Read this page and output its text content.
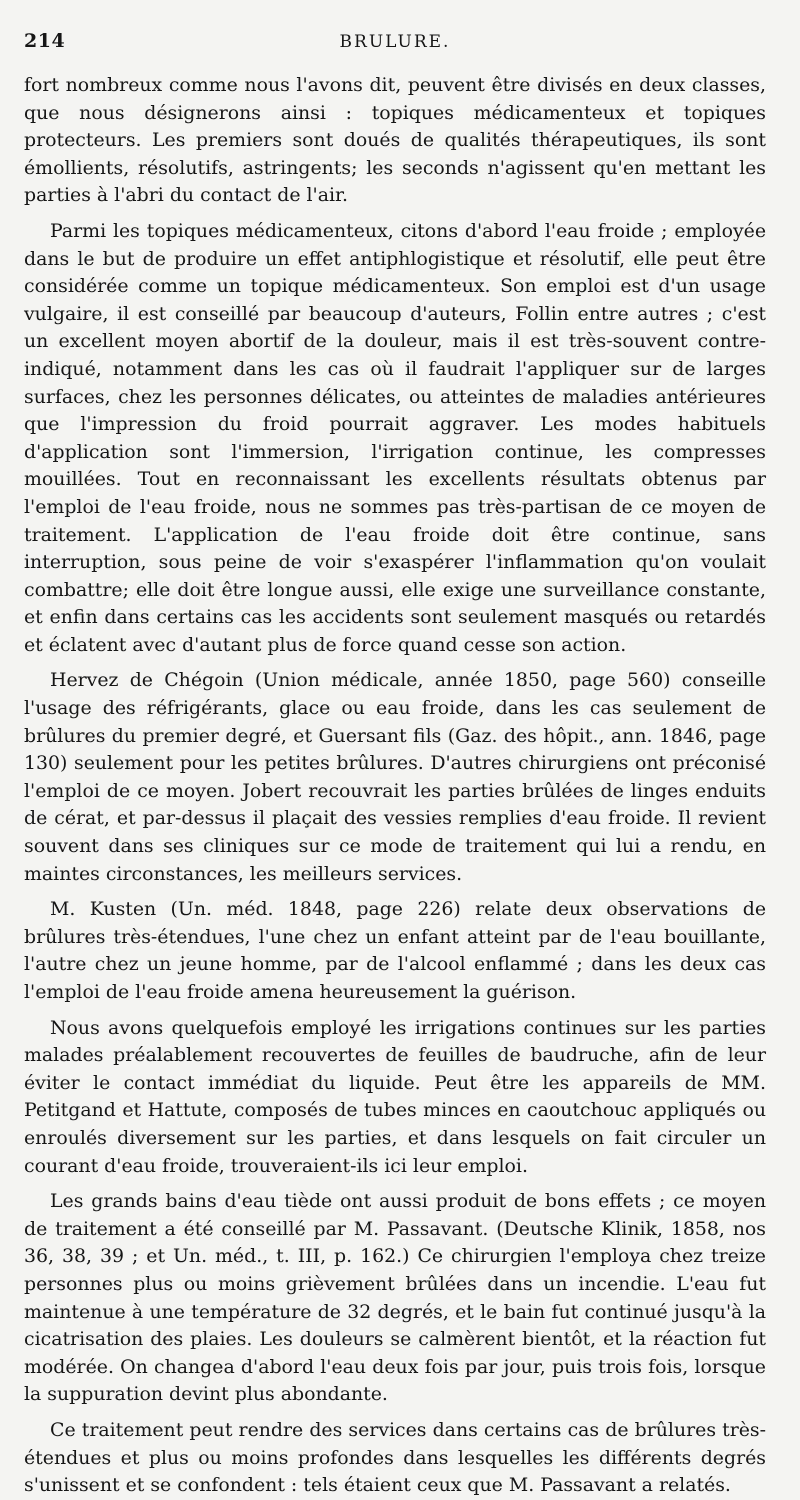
214	BRULURE.

fort nombreux comme nous l'avons dit, peuvent être divisés en deux classes, que nous désignerons ainsi : topiques médicamenteux et topiques protecteurs. Les premiers sont doués de qualités thérapeutiques, ils sont émollients, résolutifs, astringents; les seconds n'agissent qu'en mettant les parties à l'abri du contact de l'air.

Parmi les topiques médicamenteux, citons d'abord l'eau froide ; employée dans le but de produire un effet antiphlogistique et résolutif, elle peut être considérée comme un topique médicamenteux. Son emploi est d'un usage vulgaire, il est conseillé par beaucoup d'auteurs, Follin entre autres ; c'est un excellent moyen abortif de la douleur, mais il est très-souvent contre-indiqué, notamment dans les cas où il faudrait l'appliquer sur de larges surfaces, chez les personnes délicates, ou atteintes de maladies antérieures que l'impression du froid pourrait aggraver. Les modes habituels d'application sont l'immersion, l'irrigation continue, les compresses mouillées. Tout en reconnaissant les excellents résultats obtenus par l'emploi de l'eau froide, nous ne sommes pas très-partisan de ce moyen de traitement. L'application de l'eau froide doit être continue, sans interruption, sous peine de voir s'exaspérer l'inflammation qu'on voulait combattre; elle doit être longue aussi, elle exige une surveillance constante, et enfin dans certains cas les accidents sont seulement masqués ou retardés et éclatent avec d'autant plus de force quand cesse son action.

Hervez de Chégoin (Union médicale, année 1850, page 560) conseille l'usage des réfrigérants, glace ou eau froide, dans les cas seulement de brûlures du premier degré, et Guersant fils (Gaz. des hôpit., ann. 1846, page 130) seulement pour les petites brûlures. D'autres chirurgiens ont préconisé l'emploi de ce moyen. Jobert recouvrait les parties brûlées de linges enduits de cérat, et par-dessus il plaçait des vessies remplies d'eau froide. Il revient souvent dans ses cliniques sur ce mode de traitement qui lui a rendu, en maintes circonstances, les meilleurs services.

M. Kusten (Un. méd. 1848, page 226) relate deux observations de brûlures très-étendues, l'une chez un enfant atteint par de l'eau bouillante, l'autre chez un jeune homme, par de l'alcool enflammé ; dans les deux cas l'emploi de l'eau froide amena heureusement la guérison.

Nous avons quelquefois employé les irrigations continues sur les parties malades préalablement recouvertes de feuilles de baudruche, afin de leur éviter le contact immédiat du liquide. Peut être les appareils de MM. Petitgand et Hattute, composés de tubes minces en caoutchouc appliqués ou enroulés diversement sur les parties, et dans lesquels on fait circuler un courant d'eau froide, trouveraient-ils ici leur emploi.

Les grands bains d'eau tiède ont aussi produit de bons effets ; ce moyen de traitement a été conseillé par M. Passavant. (Deutsche Klinik, 1858, nos 36, 38, 39 ; et Un. méd., t. III, p. 162.) Ce chirurgien l'employa chez treize personnes plus ou moins grièvement brûlées dans un incendie. L'eau fut maintenue à une température de 32 degrés, et le bain fut continué jusqu'à la cicatrisation des plaies. Les douleurs se calmèrent bientôt, et la réaction fut modérée. On changea d'abord l'eau deux fois par jour, puis trois fois, lorsque la suppuration devint plus abondante.

Ce traitement peut rendre des services dans certains cas de brûlures très-étendues et plus ou moins profondes dans lesquelles les différents degrés s'unissent et se confondent : tels étaient ceux que M. Passavant a relatés.
